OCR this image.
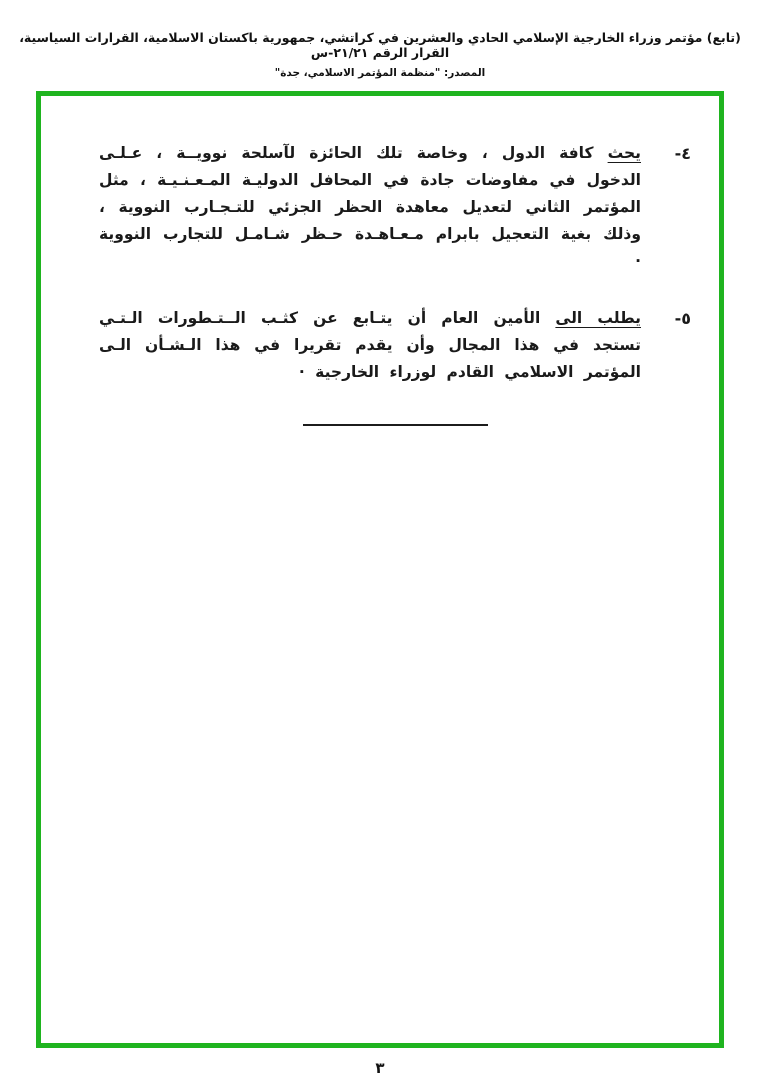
(تابع) مؤتمر وزراء الخارجية الإسلامي الحادي والعشرين في كراتشي، جمهورية باكستان الاسلامية، القرارات السياسية، القرار الرقم ٢١/٢١-س
المصدر: "منظمة المؤتمر الاسلامي، جدة"
٤-
يحث كافة الدول ، وخاصة تلك الحائزة لآسلحة نوويــة ، عـلـى الدخول في مفاوضات جادة في المحافل الدوليـة المـعـنـيـة ، مثل المؤتمر الثاني لتعديل معاهدة الحظر الجزئي للتـجـارب النووية ، وذلك بغية التعجيل بابرام مـعـاهـدة حـظر شـامـل للتجارب النووية ·
٥-
يطلب الى الأمين العام أن يتـابع عن كثـب الــتـطورات الـتـي تستجد في هذا المجال وأن يقدم تقريرا في هذا الـشـأن الـى المؤتمر الاسلامي القادم لوزراء الخارجية ·
٣
